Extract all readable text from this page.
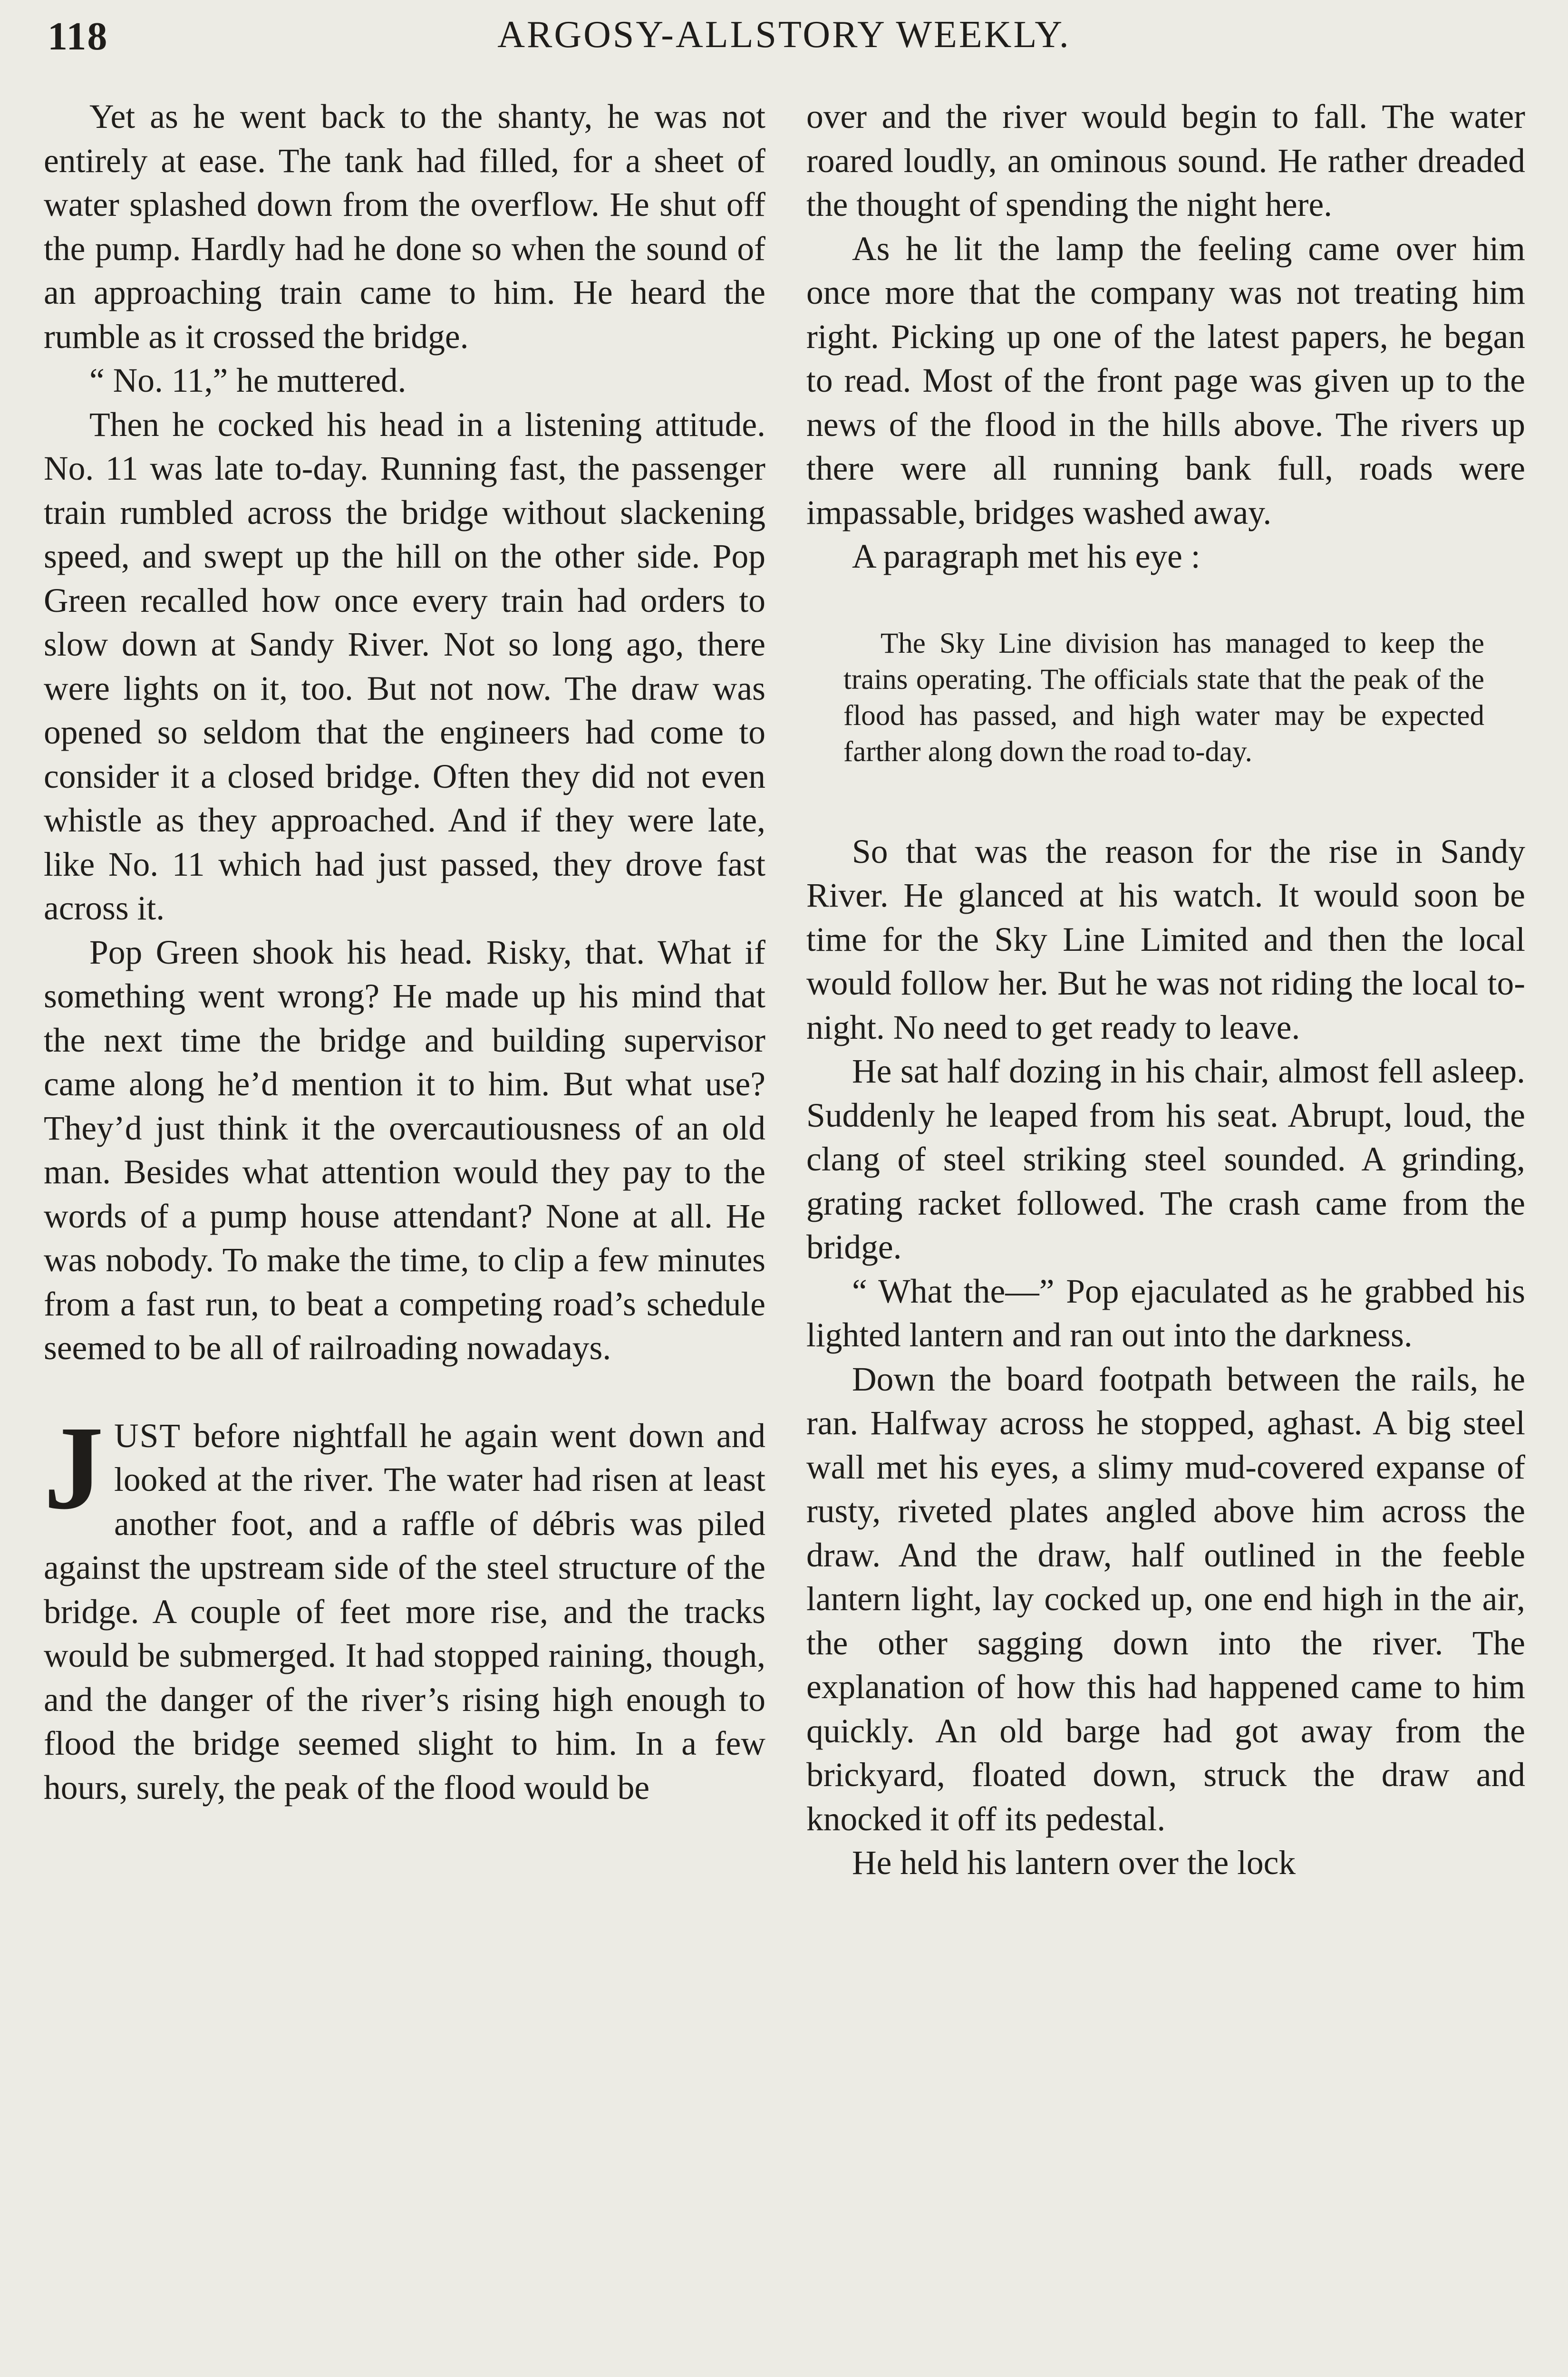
118	ARGOSY-ALLSTORY WEEKLY.

Yet as he went back to the shanty, he was not entirely at ease. The tank had filled, for a sheet of water splashed down from the overflow. He shut off the pump. Hardly had he done so when the sound of an approaching train came to him. He heard the rumble as it crossed the bridge.

“ No. 11,” he muttered.

Then he cocked his head in a listening attitude. No. 11 was late to-day. Running fast, the passenger train rumbled across the bridge without slackening speed, and swept up the hill on the other side. Pop Green recalled how once every train had orders to slow down at Sandy River. Not so long ago, there were lights on it, too. But not now. The draw was opened so seldom that the engineers had come to consider it a closed bridge. Often they did not even whistle as they approached. And if they were late, like No. 11 which had just passed, they drove fast across it.

Pop Green shook his head. Risky, that. What if something went wrong? He made up his mind that the next time the bridge and building supervisor came along he’d mention it to him. But what use? They’d just think it the overcautiousness of an old man. Besides what attention would they pay to the words of a pump house attendant? None at all. He was nobody. To make the time, to clip a few minutes from a fast run, to beat a competing road’s schedule seemed to be all of railroading nowadays.

JUST before nightfall he again went down and looked at the river. The water had risen at least another foot, and a raffle of débris was piled against the upstream side of the steel structure of the bridge. A couple of feet more rise, and the tracks would be submerged. It had stopped raining, though, and the danger of the river’s rising high enough to flood the bridge seemed slight to him. In a few hours, surely, the peak of the flood would be

over and the river would begin to fall. The water roared loudly, an ominous sound. He rather dreaded the thought of spending the night here.

As he lit the lamp the feeling came over him once more that the company was not treating him right. Picking up one of the latest papers, he began to read. Most of the front page was given up to the news of the flood in the hills above. The rivers up there were all running bank full, roads were impassable, bridges washed away.

A paragraph met his eye :

The Sky Line division has managed to keep the trains operating. The officials state that the peak of the flood has passed, and high water may be expected farther along down the road to-day.

So that was the reason for the rise in Sandy River. He glanced at his watch. It would soon be time for the Sky Line Limited and then the local would follow her. But he was not riding the local to-night. No need to get ready to leave.

He sat half dozing in his chair, almost fell asleep. Suddenly he leaped from his seat. Abrupt, loud, the clang of steel striking steel sounded. A grinding, grating racket followed. The crash came from the bridge.

“ What the—” Pop ejaculated as he grabbed his lighted lantern and ran out into the darkness.

Down the board footpath between the rails, he ran. Halfway across he stopped, aghast. A big steel wall met his eyes, a slimy mud-covered expanse of rusty, riveted plates angled above him across the draw. And the draw, half outlined in the feeble lantern light, lay cocked up, one end high in the air, the other sagging down into the river. The explanation of how this had happened came to him quickly. An old barge had got away from the brickyard, floated down, struck the draw and knocked it off its pedestal.

He held his lantern over the lock
